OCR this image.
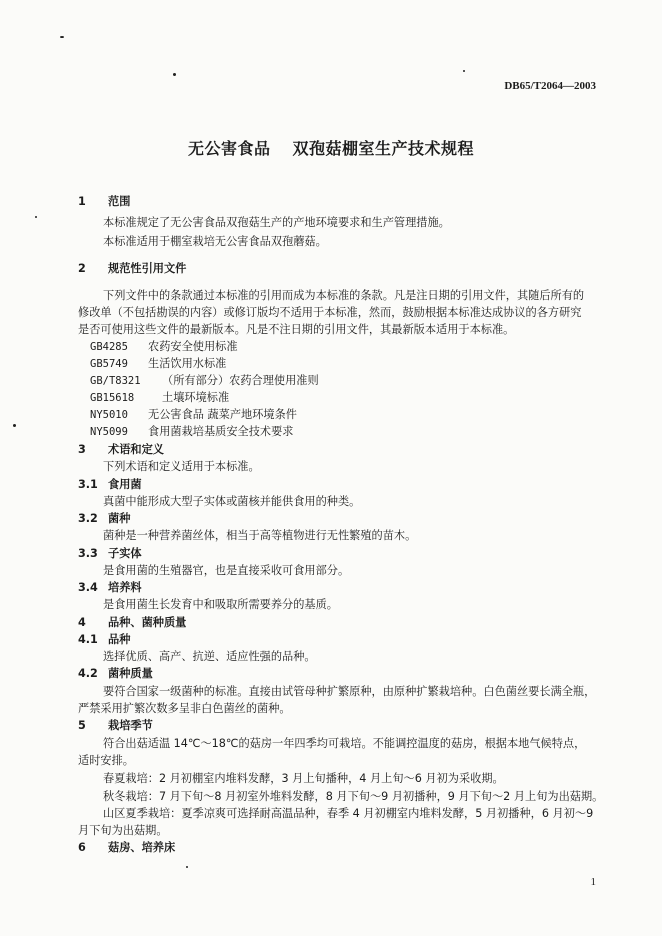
DB65/T2064—2003
无公害食品 双孢菇棚室生产技术规程
1 范围
本标准规定了无公害食品双孢菇生产的产地环境要求和生产管理措施。
本标准适用于棚室栽培无公害食品双孢蘑菇。
2 规范性引用文件
下列文件中的条款通过本标准的引用而成为本标准的条款。凡是注日期的引用文件，其随后所有的
修改单（不包括勘误的内容）或修订版均不适用于本标准，然而，鼓励根据本标准达成协议的各方研究
是否可使用这些文件的最新版本。凡是不注日期的引用文件，其最新版本适用于本标准。
GB4285 农药安全使用标准
GB5749 生活饮用水标准
GB/T8321 （所有部分）农药合理使用准则
GB15618 土壤环境标准
NY5010 无公害食品 蔬菜产地环境条件
NY5099 食用菌栽培基质安全技术要求
3 术语和定义
下列术语和定义适用于本标准。
3.1 食用菌
真菌中能形成大型子实体或菌核并能供食用的种类。
3.2 菌种
菌种是一种营养菌丝体，相当于高等植物进行无性繁殖的苗木。
3.3 子实体
是食用菌的生殖器官，也是直接采收可食用部分。
3.4 培养料
是食用菌生长发育中和吸取所需要养分的基质。
4 品种、菌种质量
4.1 品种
选择优质、高产、抗逆、适应性强的品种。
4.2 菌种质量
要符合国家一级菌种的标准。直接由试管母种扩繁原种，由原种扩繁栽培种。白色菌丝要长满全瓶，
严禁采用扩繁次数多呈非白色菌丝的菌种。
5 栽培季节
符合出菇适温 14℃～18℃的菇房一年四季均可栽培。不能调控温度的菇房，根据本地气候特点，
适时安排。
春夏栽培：2 月初棚室内堆料发酵，3 月上旬播种，4 月上旬～6 月初为采收期。
秋冬栽培：7 月下旬～8 月初室外堆料发酵，8 月下旬～9 月初播种，9 月下旬～2 月上旬为出菇期。
山区夏季栽培：夏季凉爽可选择耐高温品种，春季 4 月初棚室内堆料发酵，5 月初播种，6 月初～9
月下旬为出菇期。
6 菇房、培养床
1
